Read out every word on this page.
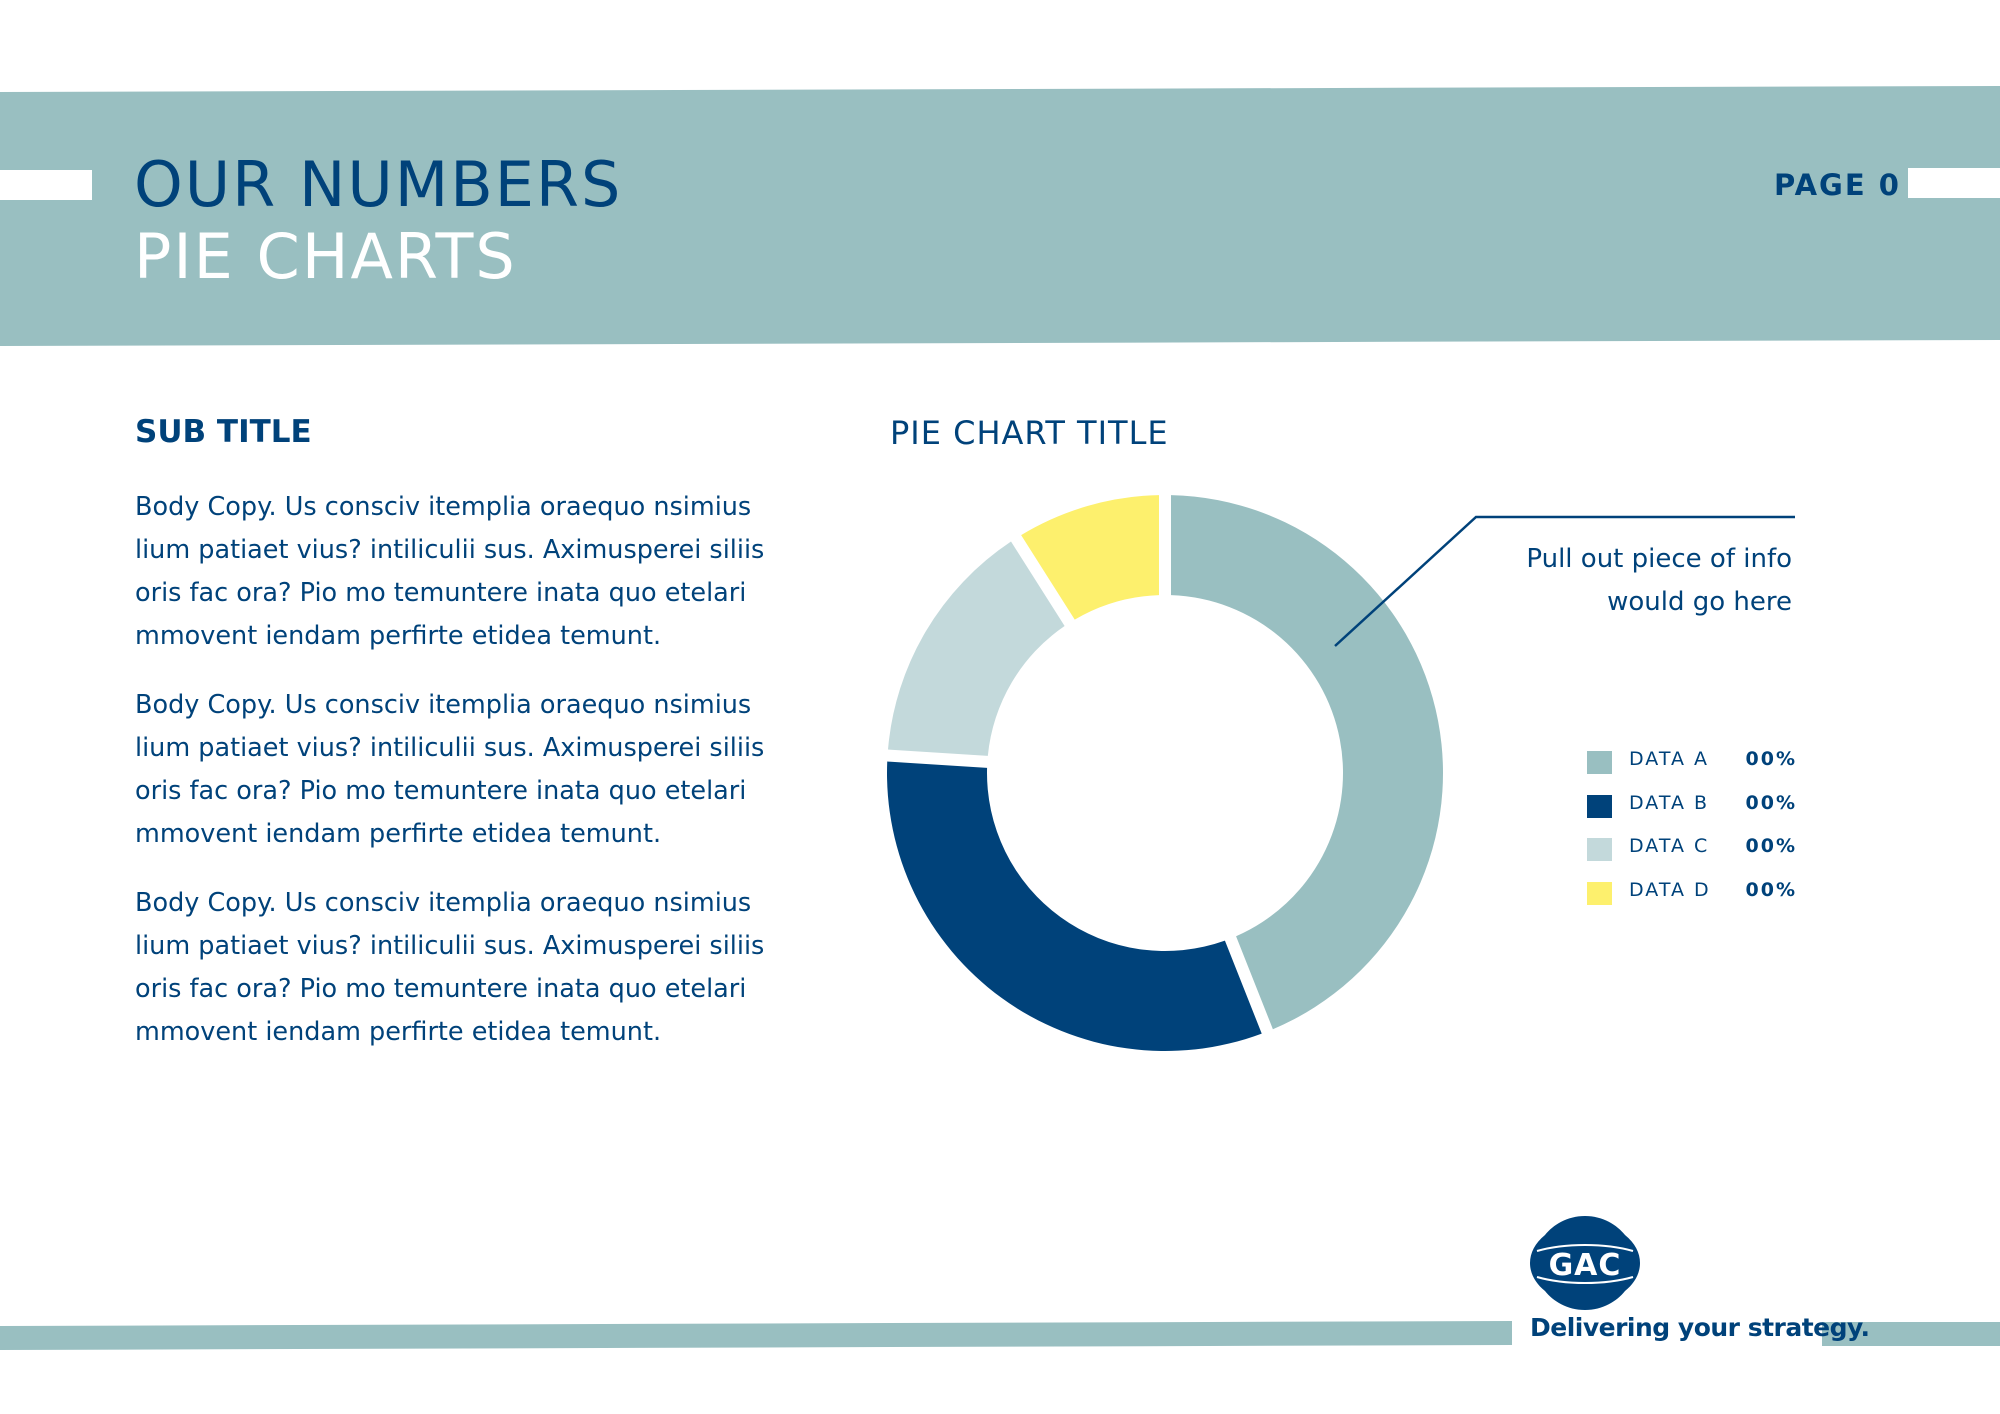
OUR NUMBERS
PIE CHARTS
PAGE 0
SUB TITLE
Body Copy. Us consciv itemplia oraequo nsimius lium patiaet vius? intiliculii sus. Aximusperei siliis oris fac ora? Pio mo temuntere inata quo etelari mmovent iendam perfirte etidea temunt.
Body Copy. Us consciv itemplia oraequo nsimius lium patiaet vius? intiliculii sus. Aximusperei siliis oris fac ora? Pio mo temuntere inata quo etelari mmovent iendam perfirte etidea temunt.
Body Copy. Us consciv itemplia oraequo nsimius lium patiaet vius? intiliculii sus. Aximusperei siliis oris fac ora? Pio mo temuntere inata quo etelari mmovent iendam perfirte etidea temunt.
PIE CHART TITLE
Pull out piece of info
would go here
DATA A 00%
DATA B 00%
DATA C 00%
DATA D 00%
GAC
Delivering your strategy.
